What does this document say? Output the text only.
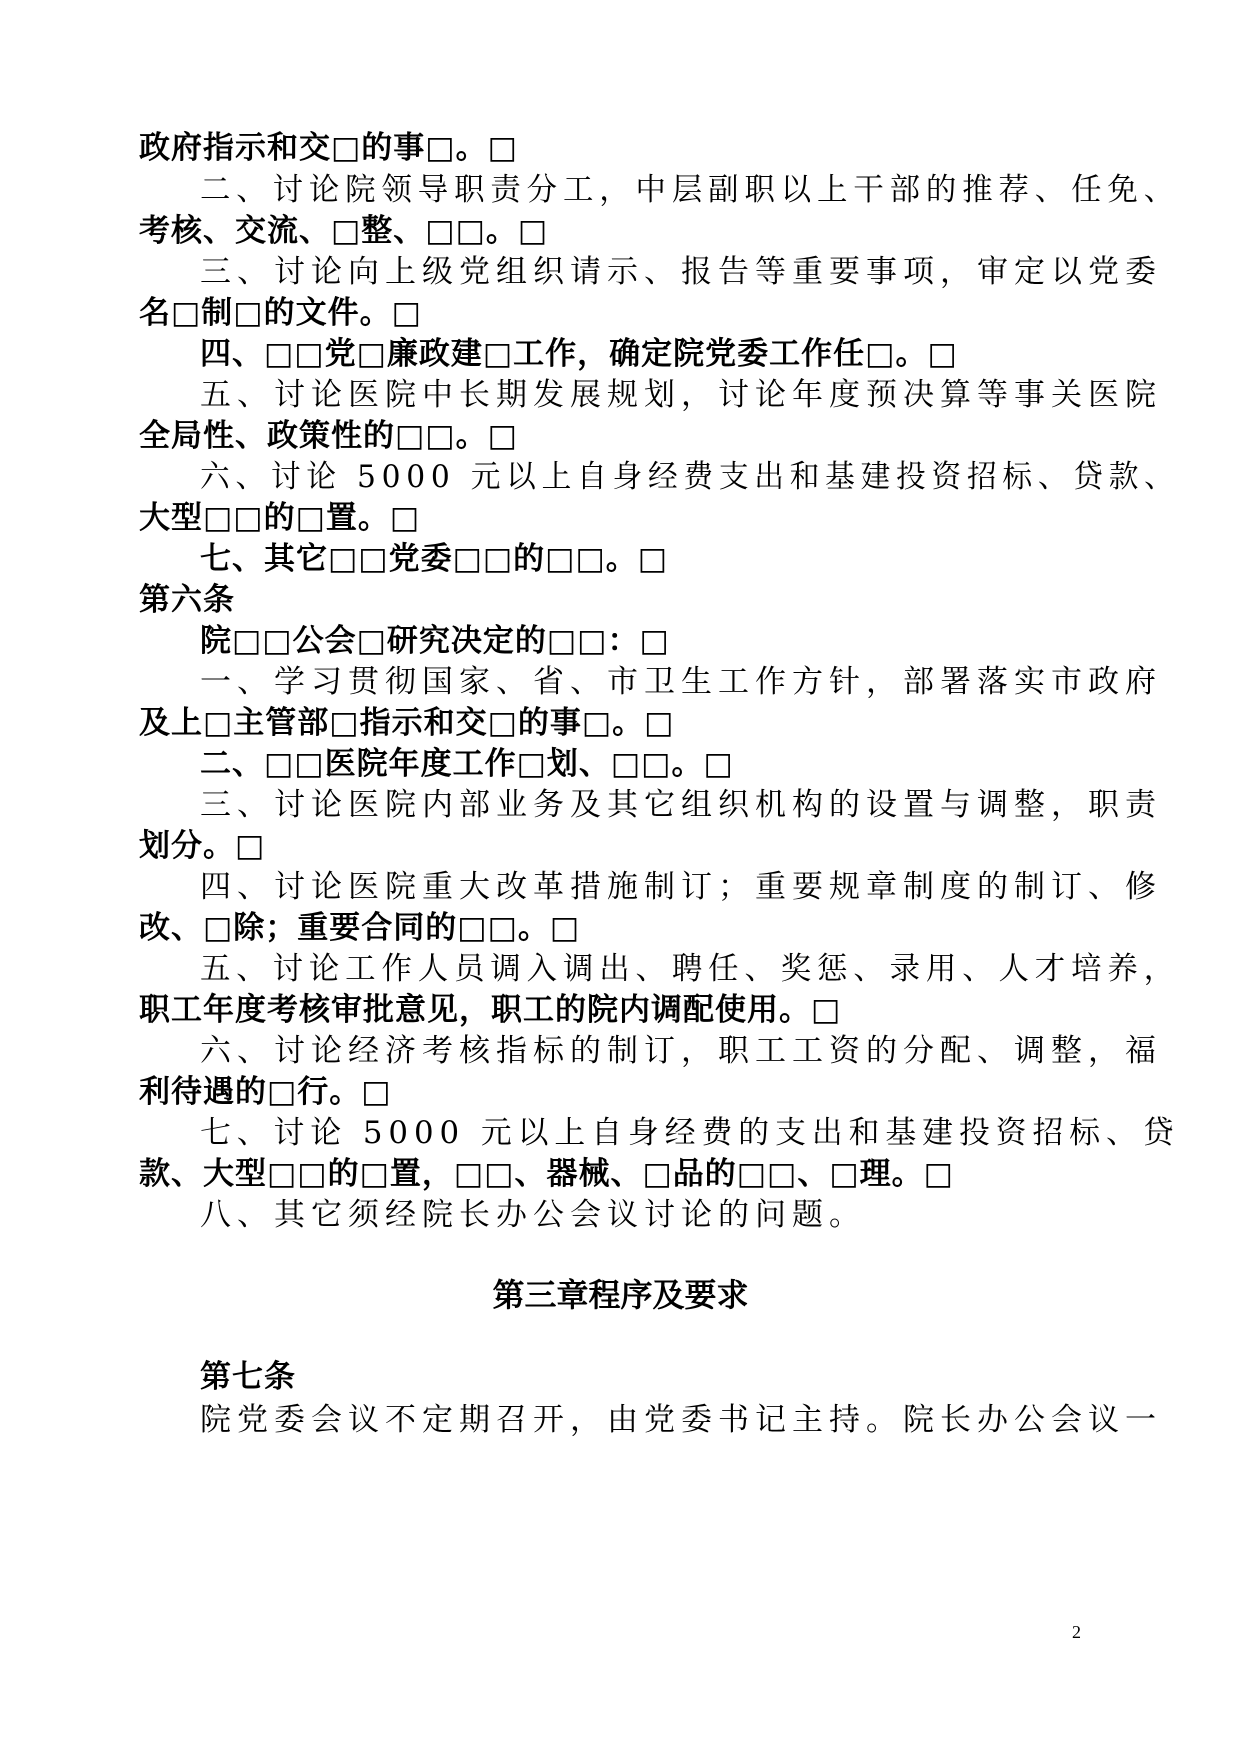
政府指示和交□的事□。□
二、讨论院领导职责分工，中层副职以上干部的推荐、任免、
考核、交流、□整、□□。□
三、讨论向上级党组织请示、报告等重要事项，审定以党委
名□制□的文件。□
四、□□党□廉政建□工作，确定院党委工作任□。□
五、讨论医院中长期发展规划，讨论年度预决算等事关医院
全局性、政策性的□□。□
六、讨论 5000 元以上自身经费支出和基建投资招标、贷款、
大型□□的□置。□
七、其它□□党委□□的□□。□
第六条
院□□公会□研究决定的□□：□
一、学习贯彻国家、省、市卫生工作方针，部署落实市政府
及上□主管部□指示和交□的事□。□
二、□□医院年度工作□划、□□。□
三、讨论医院内部业务及其它组织机构的设置与调整，职责
划分。□
四、讨论医院重大改革措施制订；重要规章制度的制订、修
改、□除；重要合同的□□。□
五、讨论工作人员调入调出、聘任、奖惩、录用、人才培养，
职工年度考核审批意见，职工的院内调配使用。□
六、讨论经济考核指标的制订，职工工资的分配、调整，福
利待遇的□行。□
七、讨论 5000 元以上自身经费的支出和基建投资招标、贷
款、大型□□的□置，□□、器械、□品的□□、□理。□
八、其它须经院长办公会议讨论的问题。
第三章程序及要求
第七条
院党委会议不定期召开，由党委书记主持。院长办公会议一
2
